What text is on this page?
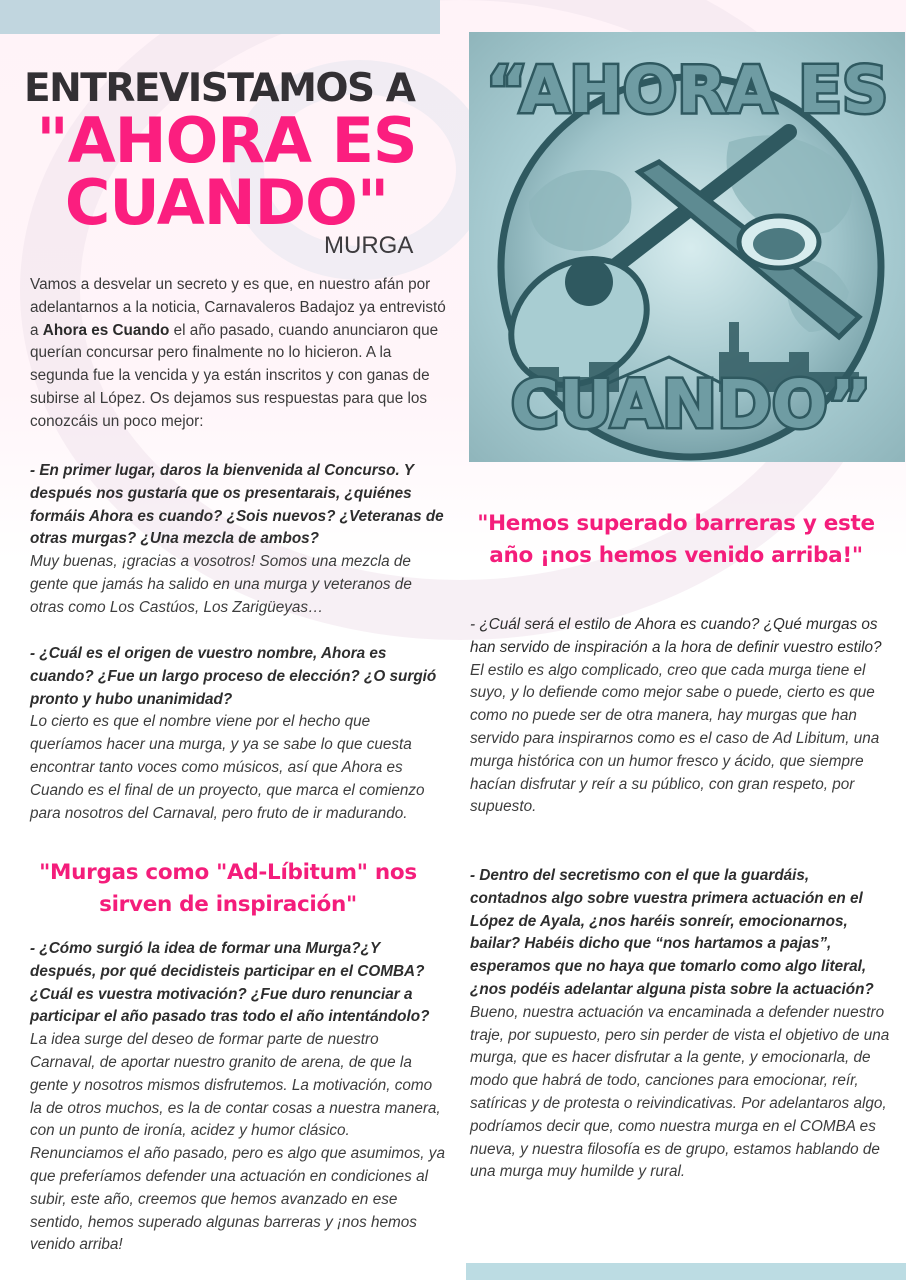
ENTREVISTAMOS A
"AHORA ES CUANDO"
MURGA
Vamos a desvelar un secreto y es que, en nuestro afán por adelantarnos a la noticia, Carnavaleros Badajoz ya entrevistó a Ahora es Cuando el año pasado, cuando anunciaron que querían concursar pero finalmente no lo hicieron. A la segunda fue la vencida y ya están inscritos y con ganas de subirse al López. Os dejamos sus respuestas para que los conozcáis un poco mejor:

- En primer lugar, daros la bienvenida al Concurso. Y después nos gustaría que os presentarais, ¿quiénes formáis Ahora es cuando? ¿Sois nuevos? ¿Veteranas de otras murgas? ¿Una mezcla de ambos?

Muy buenas, ¡gracias a vosotros! Somos una mezcla de gente que jamás ha salido en una murga y veteranos de otras como Los Castúos, Los Zarigüeyas…

- ¿Cuál es el origen de vuestro nombre, Ahora es cuando? ¿Fue un largo proceso de elección? ¿O surgió pronto y hubo unanimidad?

Lo cierto es que el nombre viene por el hecho que queríamos hacer una murga, y ya se sabe lo que cuesta encontrar tanto voces como músicos, así que Ahora es Cuando es el final de un proyecto, que marca el comienzo para nosotros del Carnaval, pero fruto de ir madurando.

"Murgas como "Ad-Líbitum" nos sirven de inspiración"

- ¿Cómo surgió la idea de formar una Murga?¿Y después, por qué decidisteis participar en el COMBA? ¿Cuál es vuestra motivación? ¿Fue duro renunciar a participar el año pasado tras todo el año intentándolo?

La idea surge del deseo de formar parte de nuestro Carnaval, de aportar nuestro granito de arena, de que la gente y nosotros mismos disfrutemos. La motivación, como la de otros muchos, es la de contar cosas a nuestra manera, con un punto de ironía, acidez y humor clásico. Renunciamos el año pasado, pero es algo que asumimos, ya que preferíamos defender una actuación en condiciones al subir, este año, creemos que hemos avanzado en ese sentido, hemos superado algunas barreras y ¡nos hemos venido arriba!

“AHORA ES
CUANDO”
"Hemos superado barreras y este año ¡nos hemos venido arriba!"

- ¿Cuál será el estilo de Ahora es cuando? ¿Qué murgas os han servido de inspiración a la hora de definir vuestro estilo?

El estilo es algo complicado, creo que cada murga tiene el suyo, y lo defiende como mejor sabe o puede, cierto es que como no puede ser de otra manera, hay murgas que han servido para inspirarnos como es el caso de Ad Libitum, una murga histórica con un humor fresco y ácido, que siempre hacían disfrutar y reír a su público, con gran respeto, por supuesto.

- Dentro del secretismo con el que la guardáis, contadnos algo sobre vuestra primera actuación en el López de Ayala, ¿nos haréis sonreír, emocionarnos, bailar? Habéis dicho que “nos hartamos a pajas”, esperamos que no haya que tomarlo como algo literal, ¿nos podéis adelantar alguna pista sobre la actuación?

Bueno, nuestra actuación va encaminada a defender nuestro traje, por supuesto, pero sin perder de vista el objetivo de una murga, que es hacer disfrutar a la gente, y emocionarla, de modo que habrá de todo, canciones para emocionar, reír, satíricas y de protesta o reivindicativas. Por adelantaros algo, podríamos decir que, como nuestra murga en el COMBA es nueva, y nuestra filosofía es de grupo, estamos hablando de una murga muy humilde y rural.
